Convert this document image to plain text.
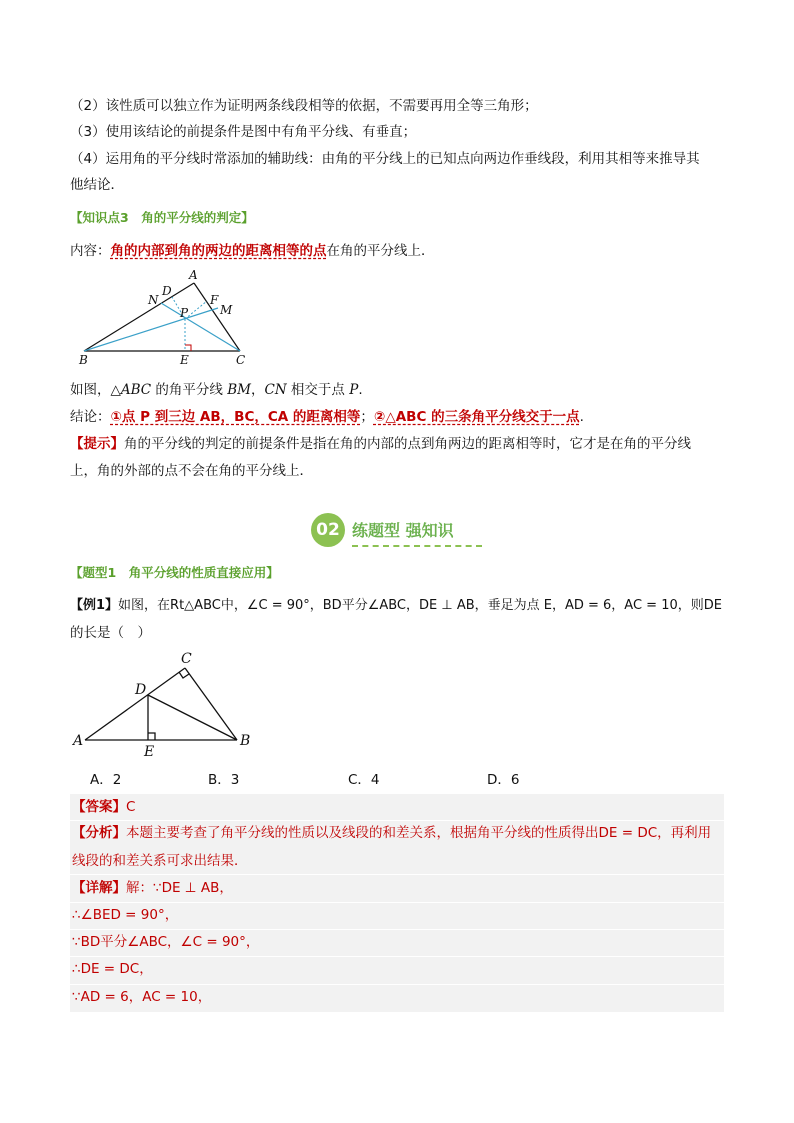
（2）该性质可以独立作为证明两条线段相等的依据，不需要再用全等三角形；
（3）使用该结论的前提条件是图中有角平分线、有垂直；
（4）运用角的平分线时常添加的辅助线：由角的平分线上的已知点向两边作垂线段，利用其相等来推导其
他结论．
【知识点3　角的平分线的判定】
内容：角的内部到角的两边的距离相等的点在角的平分线上．
A
B	C
D
E
F
M
N
P
如图，△ABC 的角平分线 BM，CN 相交于点 P.
结论：①点 P 到三边 AB，BC，CA 的距离相等；②△ABC 的三条角平分线交于一点.
【提示】角的平分线的判定的前提条件是指在角的内部的点到角两边的距离相等时，它才是在角的平分线
上，角的外部的点不会在角的平分线上．
02 练题型 强知识
【题型1　角平分线的性质直接应用】
【例1】如图，在Rt△ABC中，∠C = 90°，BD平分∠ABC，DE ⊥ AB，垂足为点 E，AD = 6，AC = 10，则DE
的长是（　）
A	B
C
D
E
A．2	B．3	C．4	D．6
【答案】C
【分析】本题主要考查了角平分线的性质以及线段的和差关系，根据角平分线的性质得出DE = DC，再利用
线段的和差关系可求出结果．
【详解】解：∵DE ⊥ AB，
∴∠BED = 90°，
∵BD平分∠ABC，∠C = 90°，
∴DE = DC，
∵AD = 6，AC = 10，
